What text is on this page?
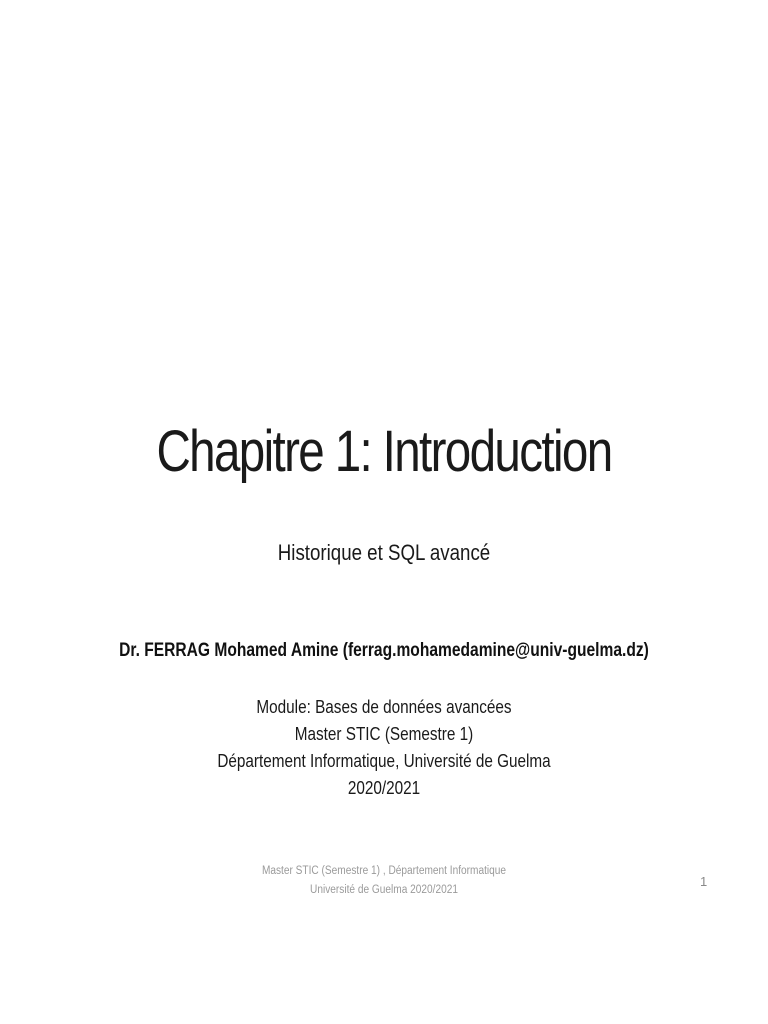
Chapitre 1: Introduction
Historique et SQL avancé
Dr. FERRAG Mohamed Amine (ferrag.mohamedamine@univ-guelma.dz)
Module: Bases de données avancées
Master STIC (Semestre 1)
Département Informatique, Université de Guelma
2020/2021
Master STIC (Semestre 1) , Département Informatique
Université de Guelma 2020/2021
1
